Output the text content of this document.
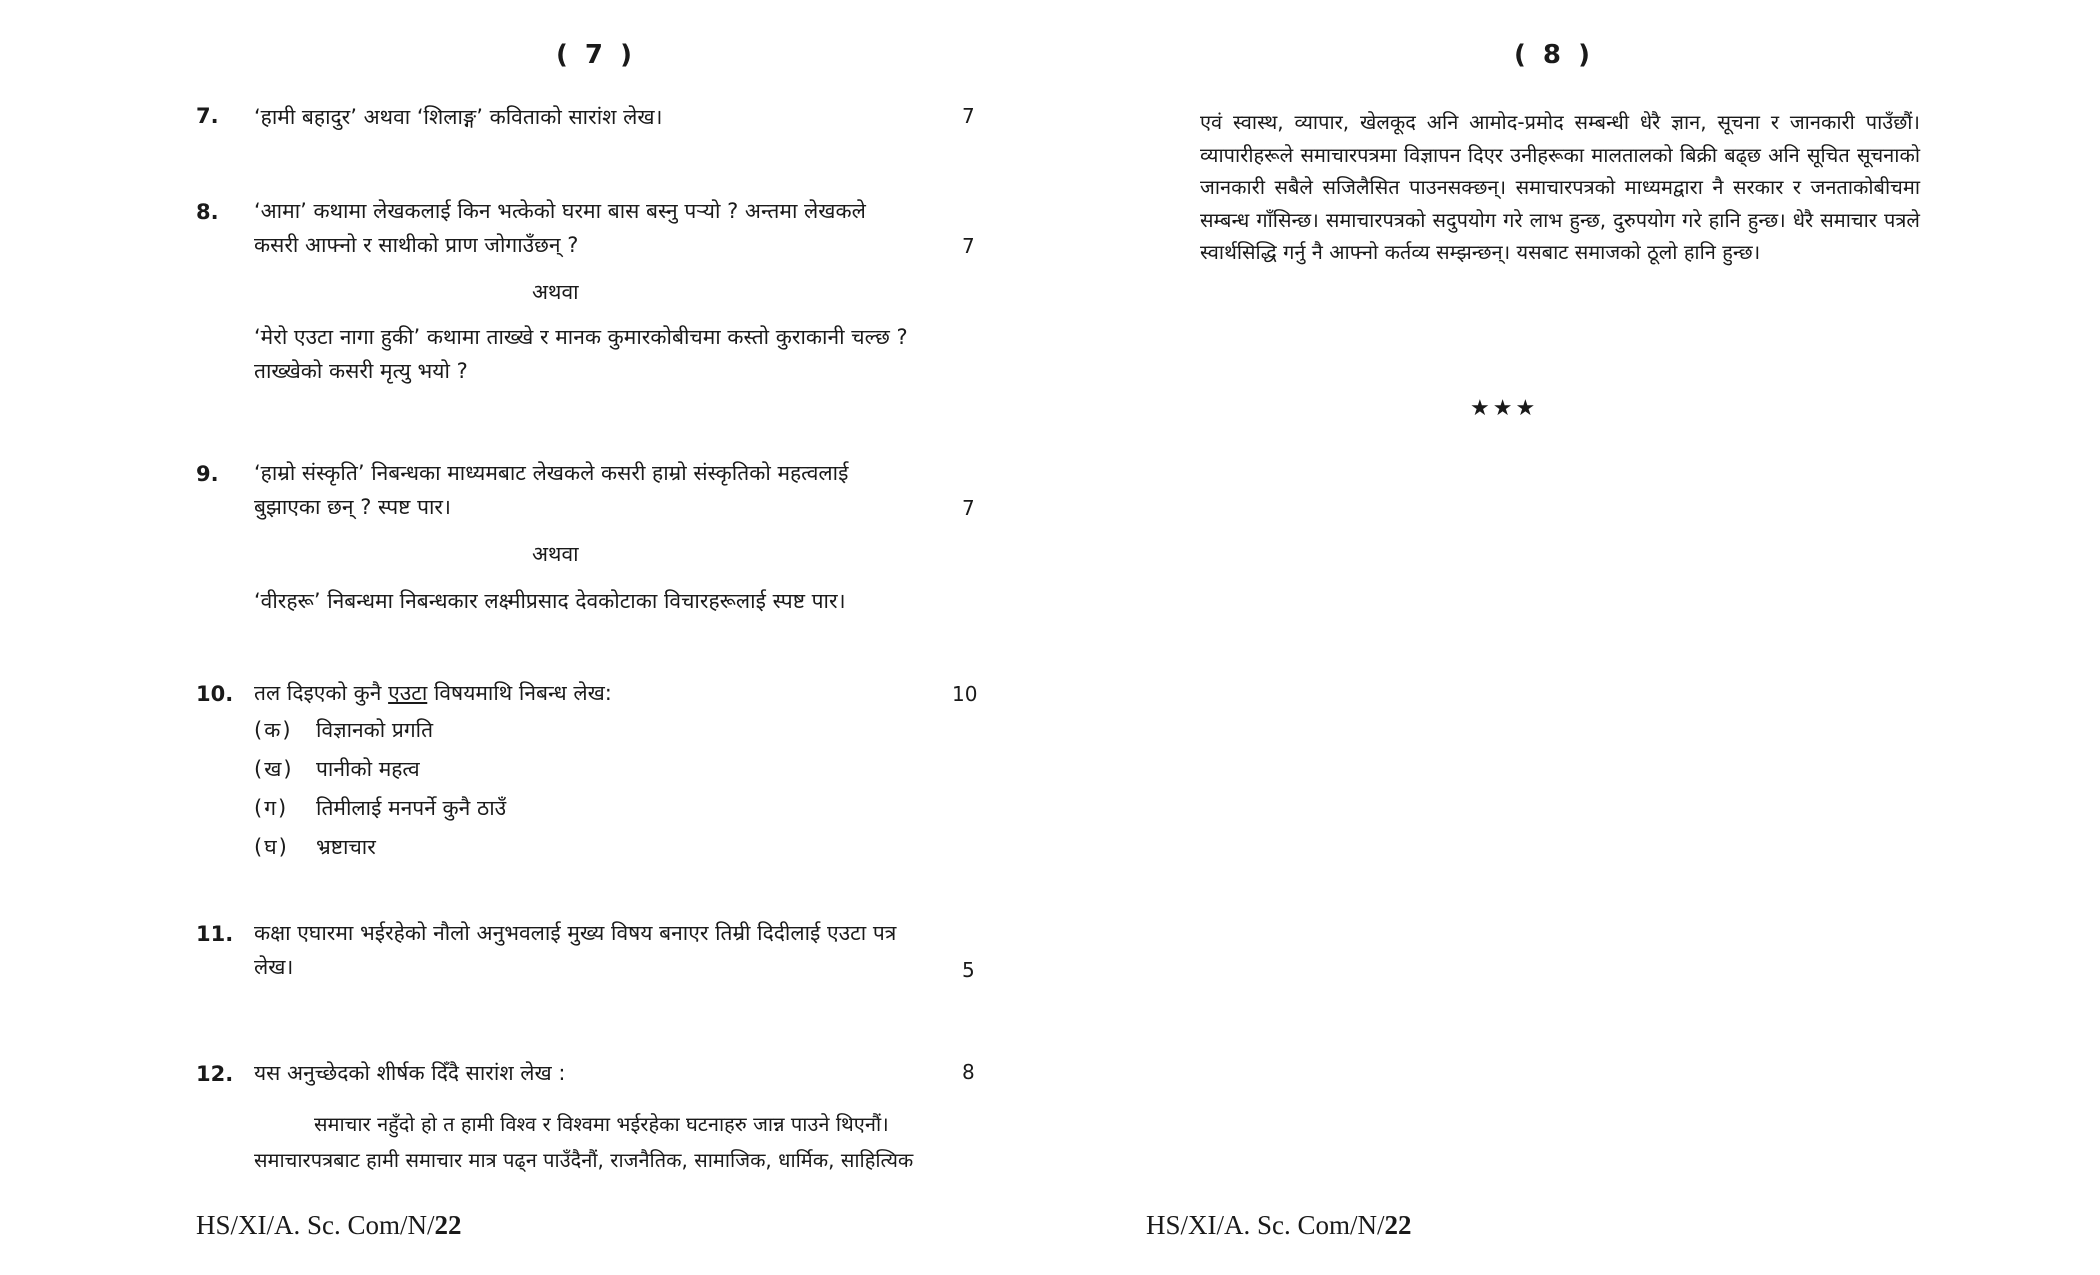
( 7 )
7. ‘हामी बहादुर’ अथवा ‘शिलाङ्ग’ कविताको सारांश लेख।	7
8. ‘आमा’ कथामा लेखकलाई किन भत्केको घरमा बास बस्नु पर्‍यो ? अन्तमा लेखकले कसरी आफ्नो र साथीको प्राण जोगाउँछन् ?	7
अथवा
‘मेरो एउटा नागा हुकी’ कथामा ताख्खे र मानक कुमारकोबीचमा कस्तो कुराकानी चल्छ ? ताख्खेको कसरी मृत्यु भयो ?
9. ‘हाम्रो संस्कृति’ निबन्धका माध्यमबाट लेखकले कसरी हाम्रो संस्कृतिको महत्वलाई बुझाएका छन् ? स्पष्ट पार।	7
अथवा
‘वीरहरू’ निबन्धमा निबन्धकार लक्ष्मीप्रसाद देवकोटाका विचारहरूलाई स्पष्ट पार।
10. तल दिइएको कुनै एउटा विषयमाथि निबन्ध लेख:	10
(क) विज्ञानको प्रगति
(ख) पानीको महत्व
(ग) तिमीलाई मनपर्ने कुनै ठाउँ
(घ) भ्रष्टाचार
11. कक्षा एघारमा भईरहेको नौलो अनुभवलाई मुख्य विषय बनाएर तिम्री दिदीलाई एउटा पत्र लेख।	5
12. यस अनुच्छेदको शीर्षक दिँदै सारांश लेख :	8
समाचार नहुँदो हो त हामी विश्व र विश्वमा भईरहेका घटनाहरु जान्न पाउने थिएनौं।
समाचारपत्रबाट हामी समाचार मात्र पढ्न पाउँदैनौं, राजनैतिक, सामाजिक, धार्मिक, साहित्यिक
HS/XI/A. Sc. Com/N/22
( 8 )
एवं स्वास्थ, व्यापार, खेलकूद अनि आमोद-प्रमोद सम्बन्धी धेरै ज्ञान, सूचना र जानकारी पाउँछौं। व्यापारीहरूले समाचारपत्रमा विज्ञापन दिएर उनीहरूका मालतालको बिक्री बढ्छ अनि सूचित सूचनाको जानकारी सबैले सजिलैसित पाउनसक्छन्। समाचारपत्रको माध्यमद्वारा नै सरकार र जनताकोबीचमा सम्बन्ध गाँसिन्छ। समाचारपत्रको सदुपयोग गरे लाभ हुन्छ, दुरुपयोग गरे हानि हुन्छ। धेरै समाचार पत्रले स्वार्थसिद्धि गर्नु नै आफ्नो कर्तव्य सम्झन्छन्। यसबाट समाजको ठूलो हानि हुन्छ।
★★★
HS/XI/A. Sc. Com/N/22
